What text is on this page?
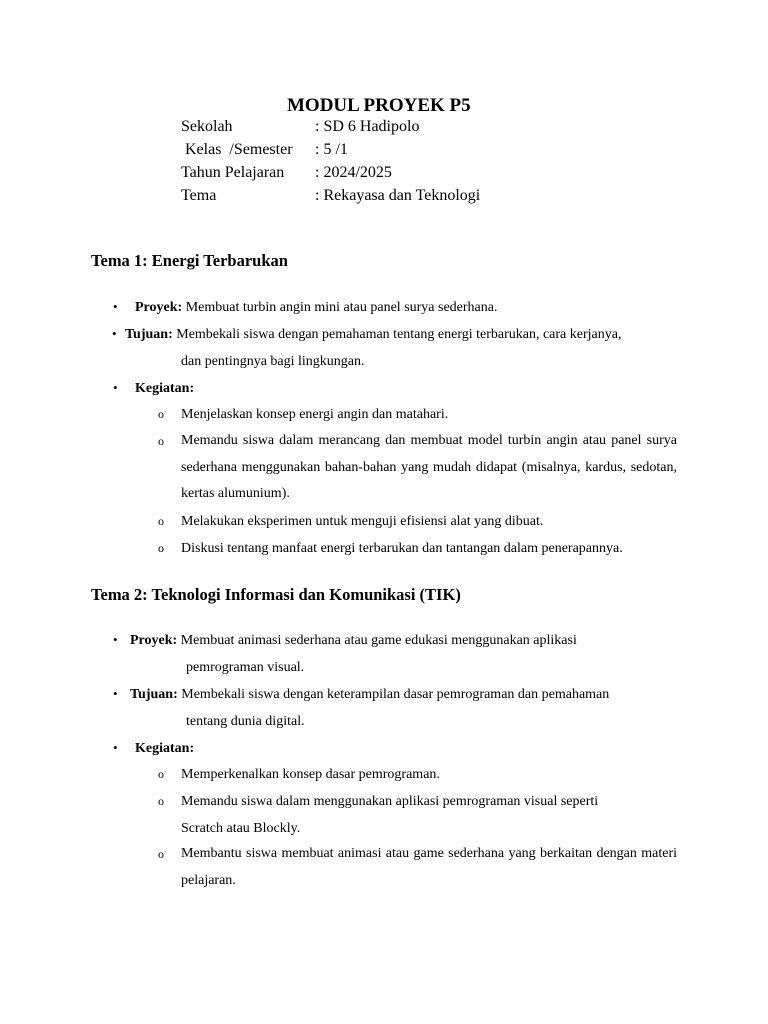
MODUL PROYEK P5
Sekolah	: SD 6 Hadipolo
Kelas /Semester : 5 /1
Tahun Pelajaran : 2024/2025
Tema	: Rekayasa dan Teknologi
Tema 1: Energi Terbarukan
• Proyek: Membuat turbin angin mini atau panel surya sederhana.
• Tujuan: Membekali siswa dengan pemahaman tentang energi terbarukan, cara kerjanya,
dan pentingnya bagi lingkungan.
• Kegiatan:
o Menjelaskan konsep energi angin dan matahari.
o Memandu siswa dalam merancang dan membuat model turbin angin atau panel surya sederhana menggunakan bahan-bahan yang mudah didapat (misalnya, kardus, sedotan, kertas alumunium).
o Melakukan eksperimen untuk menguji efisiensi alat yang dibuat.
o Diskusi tentang manfaat energi terbarukan dan tantangan dalam penerapannya.
Tema 2: Teknologi Informasi dan Komunikasi (TIK)
• Proyek: Membuat animasi sederhana atau game edukasi menggunakan aplikasi
pemrograman visual.
• Tujuan: Membekali siswa dengan keterampilan dasar pemrograman dan pemahaman
tentang dunia digital.
• Kegiatan:
o Memperkenalkan konsep dasar pemrograman.
o Memandu siswa dalam menggunakan aplikasi pemrograman visual seperti
Scratch atau Blockly.
o Membantu siswa membuat animasi atau game sederhana yang berkaitan dengan materi pelajaran.
